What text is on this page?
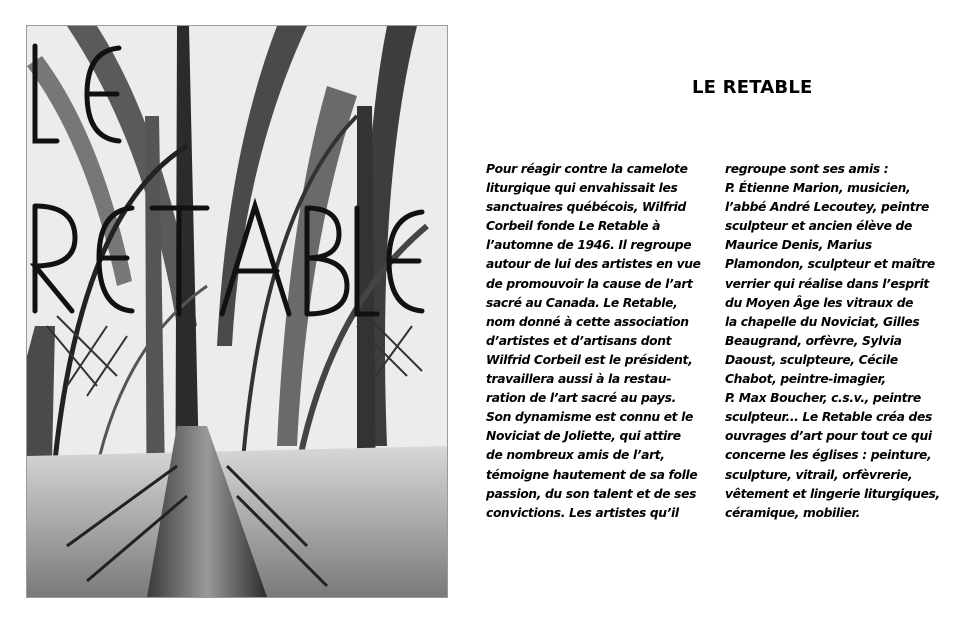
LE RETABLE
Pour réagir contre la camelote
liturgique qui envahissait les
sanctuaires québécois, Wilfrid
Corbeil fonde Le Retable à
l’automne de 1946. Il regroupe
autour de lui des artistes en vue
de promouvoir la cause de l’art
sacré au Canada. Le Retable,
nom donné à cette association
d’artistes et d’artisans dont
Wilfrid Corbeil est le président,
travaillera aussi à la restau-
ration de l’art sacré au pays.
Son dynamisme est connu et le
Noviciat de Joliette, qui attire
de nombreux amis de l’art,
témoigne hautement de sa folle
passion, du son talent et de ses
convictions. Les artistes qu’il
regroupe sont ses amis :
P. Étienne Marion, musicien,
l’abbé André Lecoutey, peintre
sculpteur et ancien élève de
Maurice Denis, Marius
Plamondon, sculpteur et maître
verrier qui réalise dans l’esprit
du Moyen Âge les vitraux de
la chapelle du Noviciat, Gilles
Beaugrand, orfèvre, Sylvia
Daoust, sculpteure, Cécile
Chabot, peintre-imagier,
P. Max Boucher, c.s.v., peintre
sculpteur... Le Retable créa des
ouvrages d’art pour tout ce qui
concerne les églises : peinture,
sculpture, vitrail, orfèvrerie,
vêtement et lingerie liturgiques,
céramique, mobilier.
